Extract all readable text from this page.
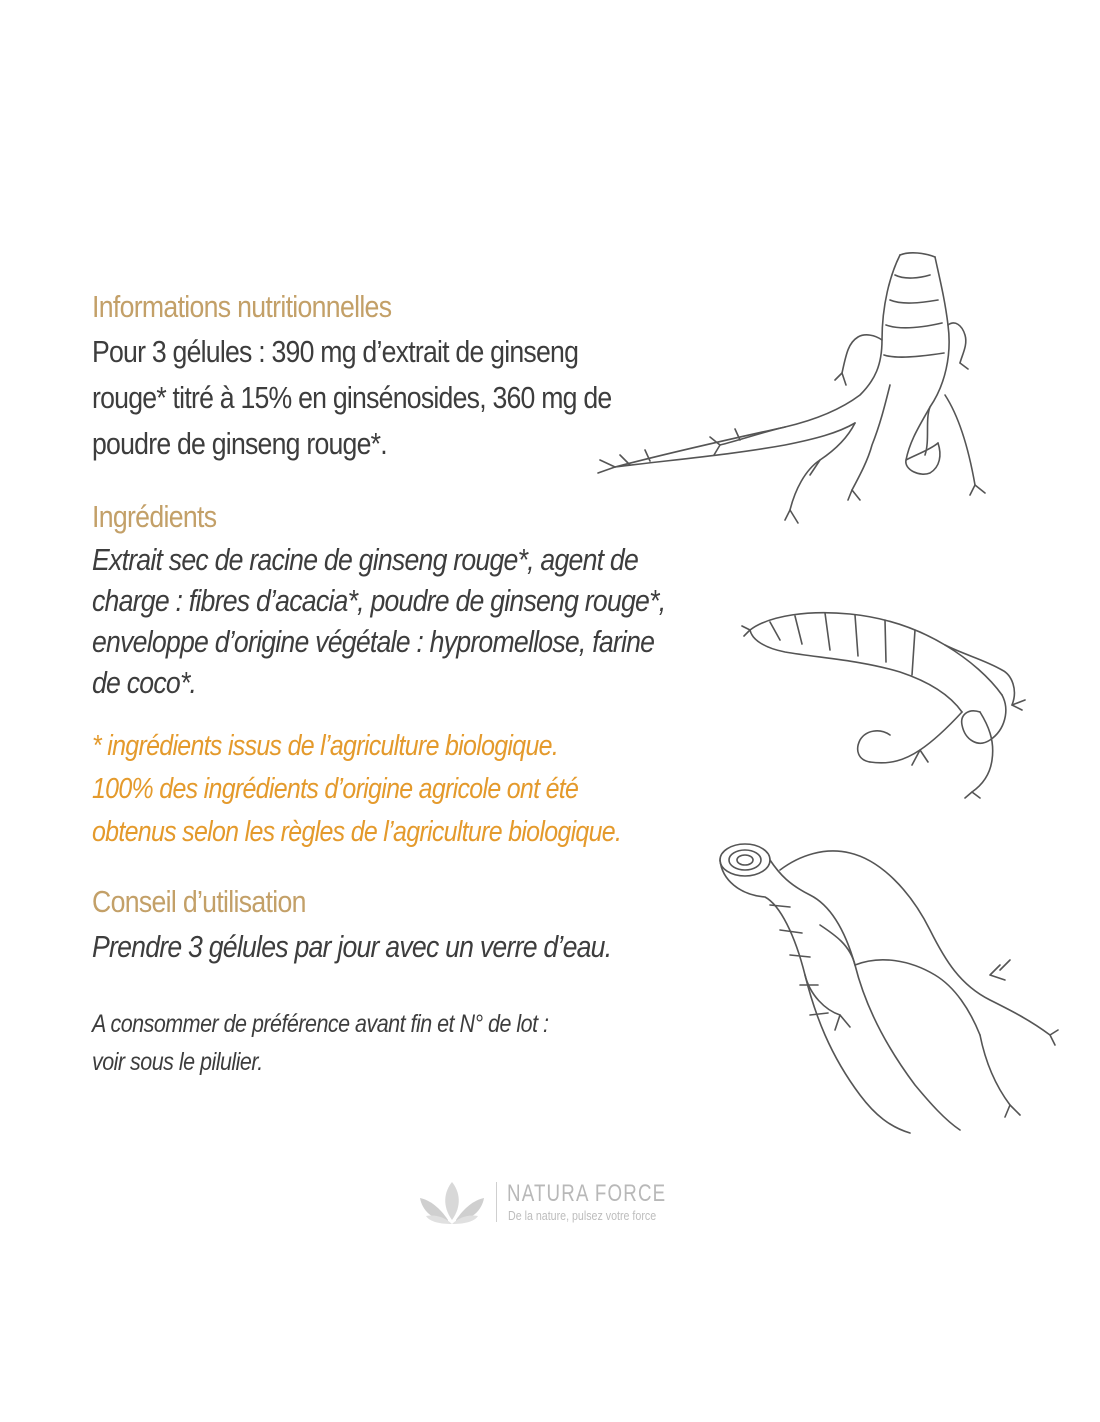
Informations nutritionnelles
Pour 3 gélules : 390 mg d’extrait de ginseng
rouge* titré à 15% en ginsénosides, 360 mg de
poudre de ginseng rouge*.
Ingrédients
Extrait sec de racine de ginseng rouge*, agent de
charge : fibres d’acacia*, poudre de ginseng rouge*,
enveloppe d’origine végétale : hypromellose, farine
de coco*.
* ingrédients issus de l’agriculture biologique.
100% des ingrédients d’origine agricole ont été
obtenus selon les règles de l’agriculture biologique.
Conseil d’utilisation
Prendre 3 gélules par jour avec un verre d’eau.
A consommer de préférence avant fin et N° de lot :
voir sous le pilulier.
NATURA FORCE
De la nature, pulsez votre force
